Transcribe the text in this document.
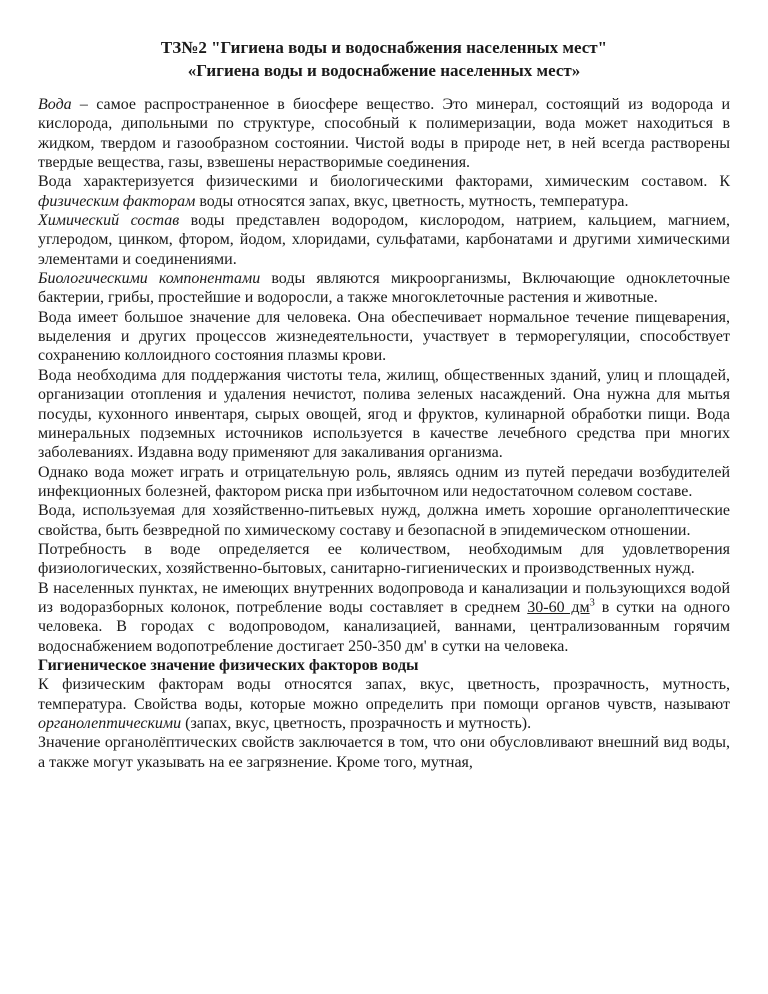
ТЗ№2 "Гигиена воды и водоснабжения населенных мест"
«Гигиена воды и водоснабжение населенных мест»

Вода – самое распространенное в биосфере вещество. Это минерал, состоящий из водорода и кислорода, дипольными по структуре, способный к полимеризации, вода может находиться в жидком, твердом и газообразном состоянии. Чистой воды в природе нет, в ней всегда растворены твердые вещества, газы, взвешены нерастворимые соединения.

Вода характеризуется физическими и биологическими факторами, химическим составом. К физическим факторам воды относятся запах, вкус, цветность, мутность, температура.

Химический состав воды представлен водородом, кислородом, натрием, кальцием, магнием, углеродом, цинком, фтором, йодом, хлоридами, сульфатами, карбонатами и другими химическими элементами и соединениями.

Биологическими компонентами воды являются микроорганизмы, Включающие одноклеточные бактерии, грибы, простейшие и водоросли, а также многоклеточные растения и животные.

Вода имеет большое значение для человека. Она обеспечивает нормальное течение пищеварения, выделения и других процессов жизнедеятельности, участвует в терморегуляции, способствует сохранению коллоидного состояния плазмы крови.

Вода необходима для поддержания чистоты тела, жилищ, общественных зданий, улиц и площадей, организации отопления и удаления нечистот, полива зеленых насаждений. Она нужна для мытья посуды, кухонного инвентаря, сырых овощей, ягод и фруктов, кулинарной обработки пищи. Вода минеральных подземных источников используется в качестве лечебного средства при многих заболеваниях. Издавна воду применяют для закаливания организма.

Однако вода может играть и отрицательную роль, являясь одним из путей передачи возбудителей инфекционных болезней, фактором риска при избыточном или недостаточном солевом составе.

Вода, используемая для хозяйственно-питьевых нужд, должна иметь хорошие органолептические свойства, быть безвредной по химическому составу и безопасной в эпидемическом отношении.

Потребность в воде определяется ее количеством, необходимым для удовлетворения физиологических, хозяйственно-бытовых, санитарно-гигиенических и производственных нужд.

В населенных пунктах, не имеющих внутренних водопровода и канализации и пользующихся водой из водоразборных колонок, потребление воды составляет в среднем 30-60 $дм^3$ в сутки на одного человека. В городах с водопроводом, канализацией, ваннами, централизованным горячим водоснабжением водопотребление достигает 250-350 дм' в сутки на человека.

Гигиеническое значение физических факторов воды

К физическим факторам воды относятся запах, вкус, цветность, прозрачность, мутность, температура. Свойства воды, которые можно определить при помощи органов чувств, называют органолептическими (запах, вкус, цветность, прозрачность и мутность).

Значение органолёптических свойств заключается в том, что они обусловливают внешний вид воды, а также могут указывать на ее загрязнение. Кроме того, мутная,
